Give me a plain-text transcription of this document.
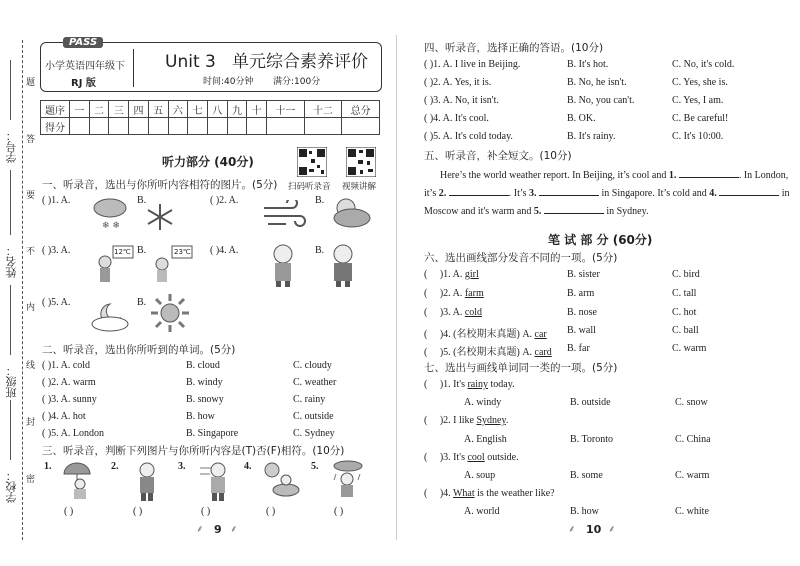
学校：
班级：
姓名：
学号：
题
答
要
不
内
线
封
密
PASS
小学英语四年级下
RJ 版
Unit 3   单元综合素养评价
时间:40分钟 满分:100分
题序	一	二	三	四	五	六	七	八	九	十	十一	十二	总分
得分													
听力部分 (40分)
扫码听录音 视频讲解
一、听录音，选出与你所听内容相符的图片。(5分)
( )1. A.
❄ ❄
B.	( )2. A.	B.
( )3. A.	12℃ B.	23℃ ( )4. A.	B.
( )5. A.	B.
二、听录音，选出你所听到的单词。(5分)
( )1. A. cold	B. cloud	C. cloudy
( )2. A. warm	B. windy	C. weather
( )3. A. sunny	B. snowy	C. rainy
( )4. A. hot	B. how	C. outside
( )5. A. London	B. Singapore	C. Sydney
三、听录音，判断下列图片与你所听内容是(T)否(F)相符。(10分)
1.
( )
2.
( )
3.
( )
4.
( )
5.
( )
9
⸙	⸙
四、听录音，选择正确的答语。(10分)
( )1. A. I live in Beijing.	B. It's hot.	C. No, it's cold.
( )2. A. Yes, it is.	B. No, he isn't.	C. Yes, she is.
( )3. A. No, it isn't.	B. No, you can't.	C. Yes, I am.
( )4. A. It's cool.	B. OK.	C. Be careful!
( )5. A. It's cold today.	B. It's rainy.	C. It's 10:00.
五、听录音，补全短文。(10分)
Here’s the world weather report. In Beijing, it’s cool and 1.	. In London,
it’s 2.	. It’s 3.	in Singapore. It’s cold and 4.	in
Moscow and it's warm and 5.	in Sydney.
笔 试 部 分 (60分)
六、选出画线部分发音不同的一项。(5分)
(     )1. A. girl	B. sister	C. bird
(     )2. A. farm	B. arm	C. tall
(     )3. A. cold	B. nose	C. hot
(     )4. (名校期末真题) A. car B. wall	C. ball
(     )5. (名校期末真题) A. card B. far	C. warm
七、选出与画线单词同一类的一项。(5分)
(     )1. It's rainy today.
A. windy	B. outside	C. snow
(     )2. I like Sydney.
A. English	B. Toronto	C. China
(     )3. It's cool outside.
A. soup	B. some	C. warm
(     )4. What is the weather like?
A. world	B. how	C. white
10
⸙	⸙
